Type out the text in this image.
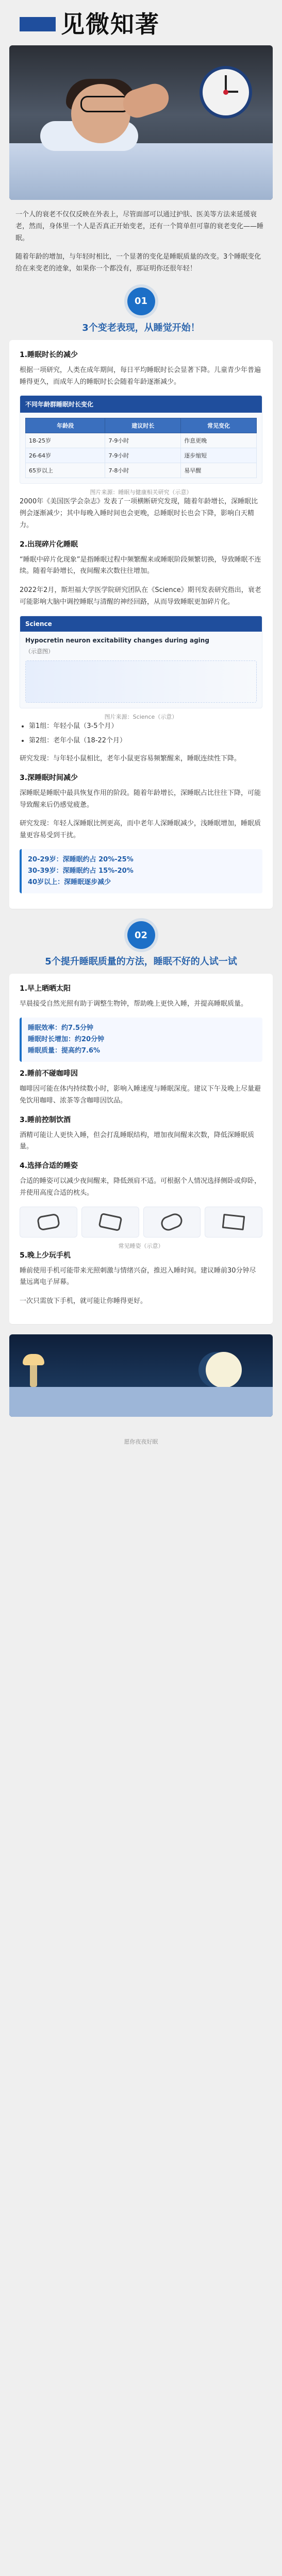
见微知著

一个人的衰老不仅仅反映在外表上，尽管面部可以通过护肤、医美等方法来延缓衰老，然而，身体里一个人是否真正开始变老，还有一个简单但可靠的衰老变化——睡眠。

随着年龄的增加，与年轻时相比，一个显著的变化是睡眠质量的改变。3个睡眠变化给在来变老的迹象，如果你一个都没有，那证明你还很年轻！

01
3个变老表现，从睡觉开始！
1.睡眠时长的减少

根据一项研究，人类在成年期间，每日平均睡眠时长会显著下降。儿童青少年普遍睡得更久，而成年人的睡眠时长会随着年龄逐渐减少。

不同年龄群睡眠时长变化
年龄段	建议时长	常见变化
18-25岁	7-9小时	作息更晚
26-64岁	7-9小时	逐步缩短
65岁以上	7-8小时	易早醒
图片来源：睡眠与健康相关研究（示意）

2000年《美国医学会杂志》发表了一项横断研究发现，随着年龄增长，深睡眠比例会逐渐减少；其中每晚入睡时间也会更晚，总睡眠时长也会下降，影响白天精力。

2.出现碎片化睡眠

“睡眠中碎片化现象”是指睡眠过程中频繁醒来或睡眠阶段频繁切换，导致睡眠不连续。随着年龄增长，夜间醒来次数往往增加。

2022年2月，斯坦福大学医学院研究团队在《Science》期刊发表研究指出，衰老可能影响大脑中调控睡眠与清醒的神经回路，从而导致睡眠更加碎片化。

Science
Hypocretin neuron excitability changes during aging
（示意图）
图片来源：Science（示意）
• 第1组：年轻小鼠（3-5个月）
• 第2组：老年小鼠（18-22个月）

研究发现：与年轻小鼠相比，老年小鼠更容易频繁醒来，睡眠连续性下降。

3.深睡眠时间减少

深睡眠是睡眠中最具恢复作用的阶段。随着年龄增长，深睡眠占比往往下降，可能导致醒来后仍感觉疲惫。

研究发现：年轻人深睡眠比例更高，而中老年人深睡眠减少，浅睡眠增加，睡眠质量更容易受到干扰。

20-29岁：深睡眠约占 20%-25%
30-39岁：深睡眠约占 15%-20%
40岁以上：深睡眠逐步减少
02
5个提升睡眠质量的方法，睡眠不好的人试一试
1.早上晒晒太阳

早晨接受自然光照有助于调整生物钟，帮助晚上更快入睡，并提高睡眠质量。

睡眠效率：约7.5分钟
睡眠时长增加：约20分钟
睡眠质量：提高约7.6%
2.睡前不碰咖啡因

咖啡因可能在体内持续数小时，影响入睡速度与睡眠深度。建议下午及晚上尽量避免饮用咖啡、浓茶等含咖啡因饮品。

3.睡前控制饮酒

酒精可能让人更快入睡，但会打乱睡眠结构，增加夜间醒来次数，降低深睡眠质量。

4.选择合适的睡姿

合适的睡姿可以减少夜间醒来，降低颈肩不适。可根据个人情况选择侧卧或仰卧，并使用高度合适的枕头。

常见睡姿（示意）
5.晚上少玩手机

睡前使用手机可能带来光照刺激与情绪兴奋，推迟入睡时间。建议睡前30分钟尽量远离电子屏幕。

一次只需放下手机，就可能让你睡得更好。

愿你夜夜好眠
